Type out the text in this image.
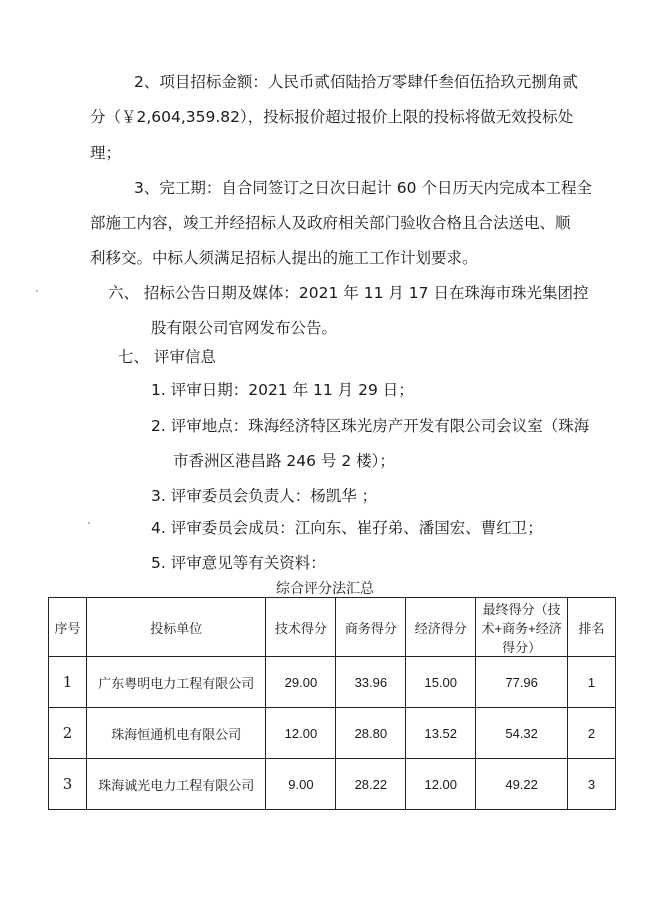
2、项目招标金额：人民币贰佰陆拾万零肆仟叁佰伍拾玖元捌角贰
分（￥2,604,359.82），投标报价超过报价上限的投标将做无效投标处
理；
3、完工期：自合同签订之日次日起计 60 个日历天内完成本工程全
部施工内容，竣工并经招标人及政府相关部门验收合格且合法送电、顺
利移交。中标人须满足招标人提出的施工工作计划要求。
六、 招标公告日期及媒体：2021 年 11 月 17 日在珠海市珠光集团控
股有限公司官网发布公告。
七、 评审信息
1. 评审日期：2021 年 11 月 29 日；
2. 评审地点：珠海经济特区珠光房产开发有限公司会议室（珠海
市香洲区港昌路 246 号 2 楼）；
3. 评审委员会负责人：杨凯华 ；
4. 评审委员会成员：江向东、崔孖弟、潘国宏、曹红卫；
5. 评审意见等有关资料：
综合评分法汇总
序号	投标单位	技术得分	商务得分	经济得分	最终得分（技术+商务+经济得分）	排名
1	广东粤明电力工程有限公司	29.00	33.96	15.00	77.96	1
2	珠海恒通机电有限公司	12.00	28.80	13.52	54.32	2
3	珠海诚光电力工程有限公司	9.00	28.22	12.00	49.22	3
